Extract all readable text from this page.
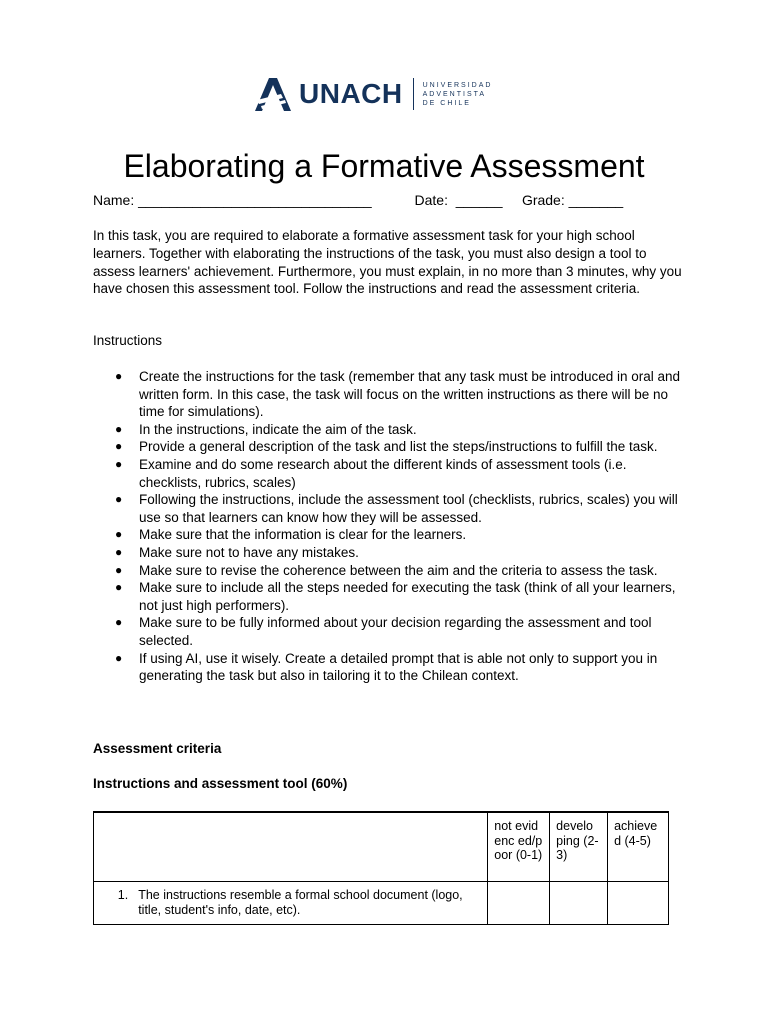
UNACH	UNIVERSIDAD
ADVENTISTA
DE CHILE
Elaborating a Formative Assessment
Name: ______________________________	Date: ______ Grade: _______

In this task, you are required to elaborate a formative assessment task for your high school learners. Together with elaborating the instructions of the task, you must also design a tool to assess learners' achievement. Furthermore, you must explain, in no more than 3 minutes, why you have chosen this assessment tool. Follow the instructions and read the assessment criteria.

Instructions
● Create the instructions for the task (remember that any task must be introduced in oral and written form. In this case, the task will focus on the written instructions as there will be no time for simulations).
● In the instructions, indicate the aim of the task.
● Provide a general description of the task and list the steps/instructions to fulfill the task.
● Examine and do some research about the different kinds of assessment tools (i.e. checklists, rubrics, scales)
● Following the instructions, include the assessment tool (checklists, rubrics, scales) you will use so that learners can know how they will be assessed.
● Make sure that the information is clear for the learners.
● Make sure not to have any mistakes.
● Make sure to revise the coherence between the aim and the criteria to assess the task.
● Make sure to include all the steps needed for executing the task (think of all your learners, not just high performers).
● Make sure to be fully informed about your decision regarding the assessment and tool selected.
● If using AI, use it wisely. Create a detailed prompt that is able not only to support you in generating the task but also in tailoring it to the Chilean context.
Assessment criteria
Instructions and assessment tool (60%)
	not evidenc ed/poor (0-1)	develo ping (2-3)	achieve d (4-5)

1. The instructions resemble a formal school document (logo, title, student's info, date, etc).			
